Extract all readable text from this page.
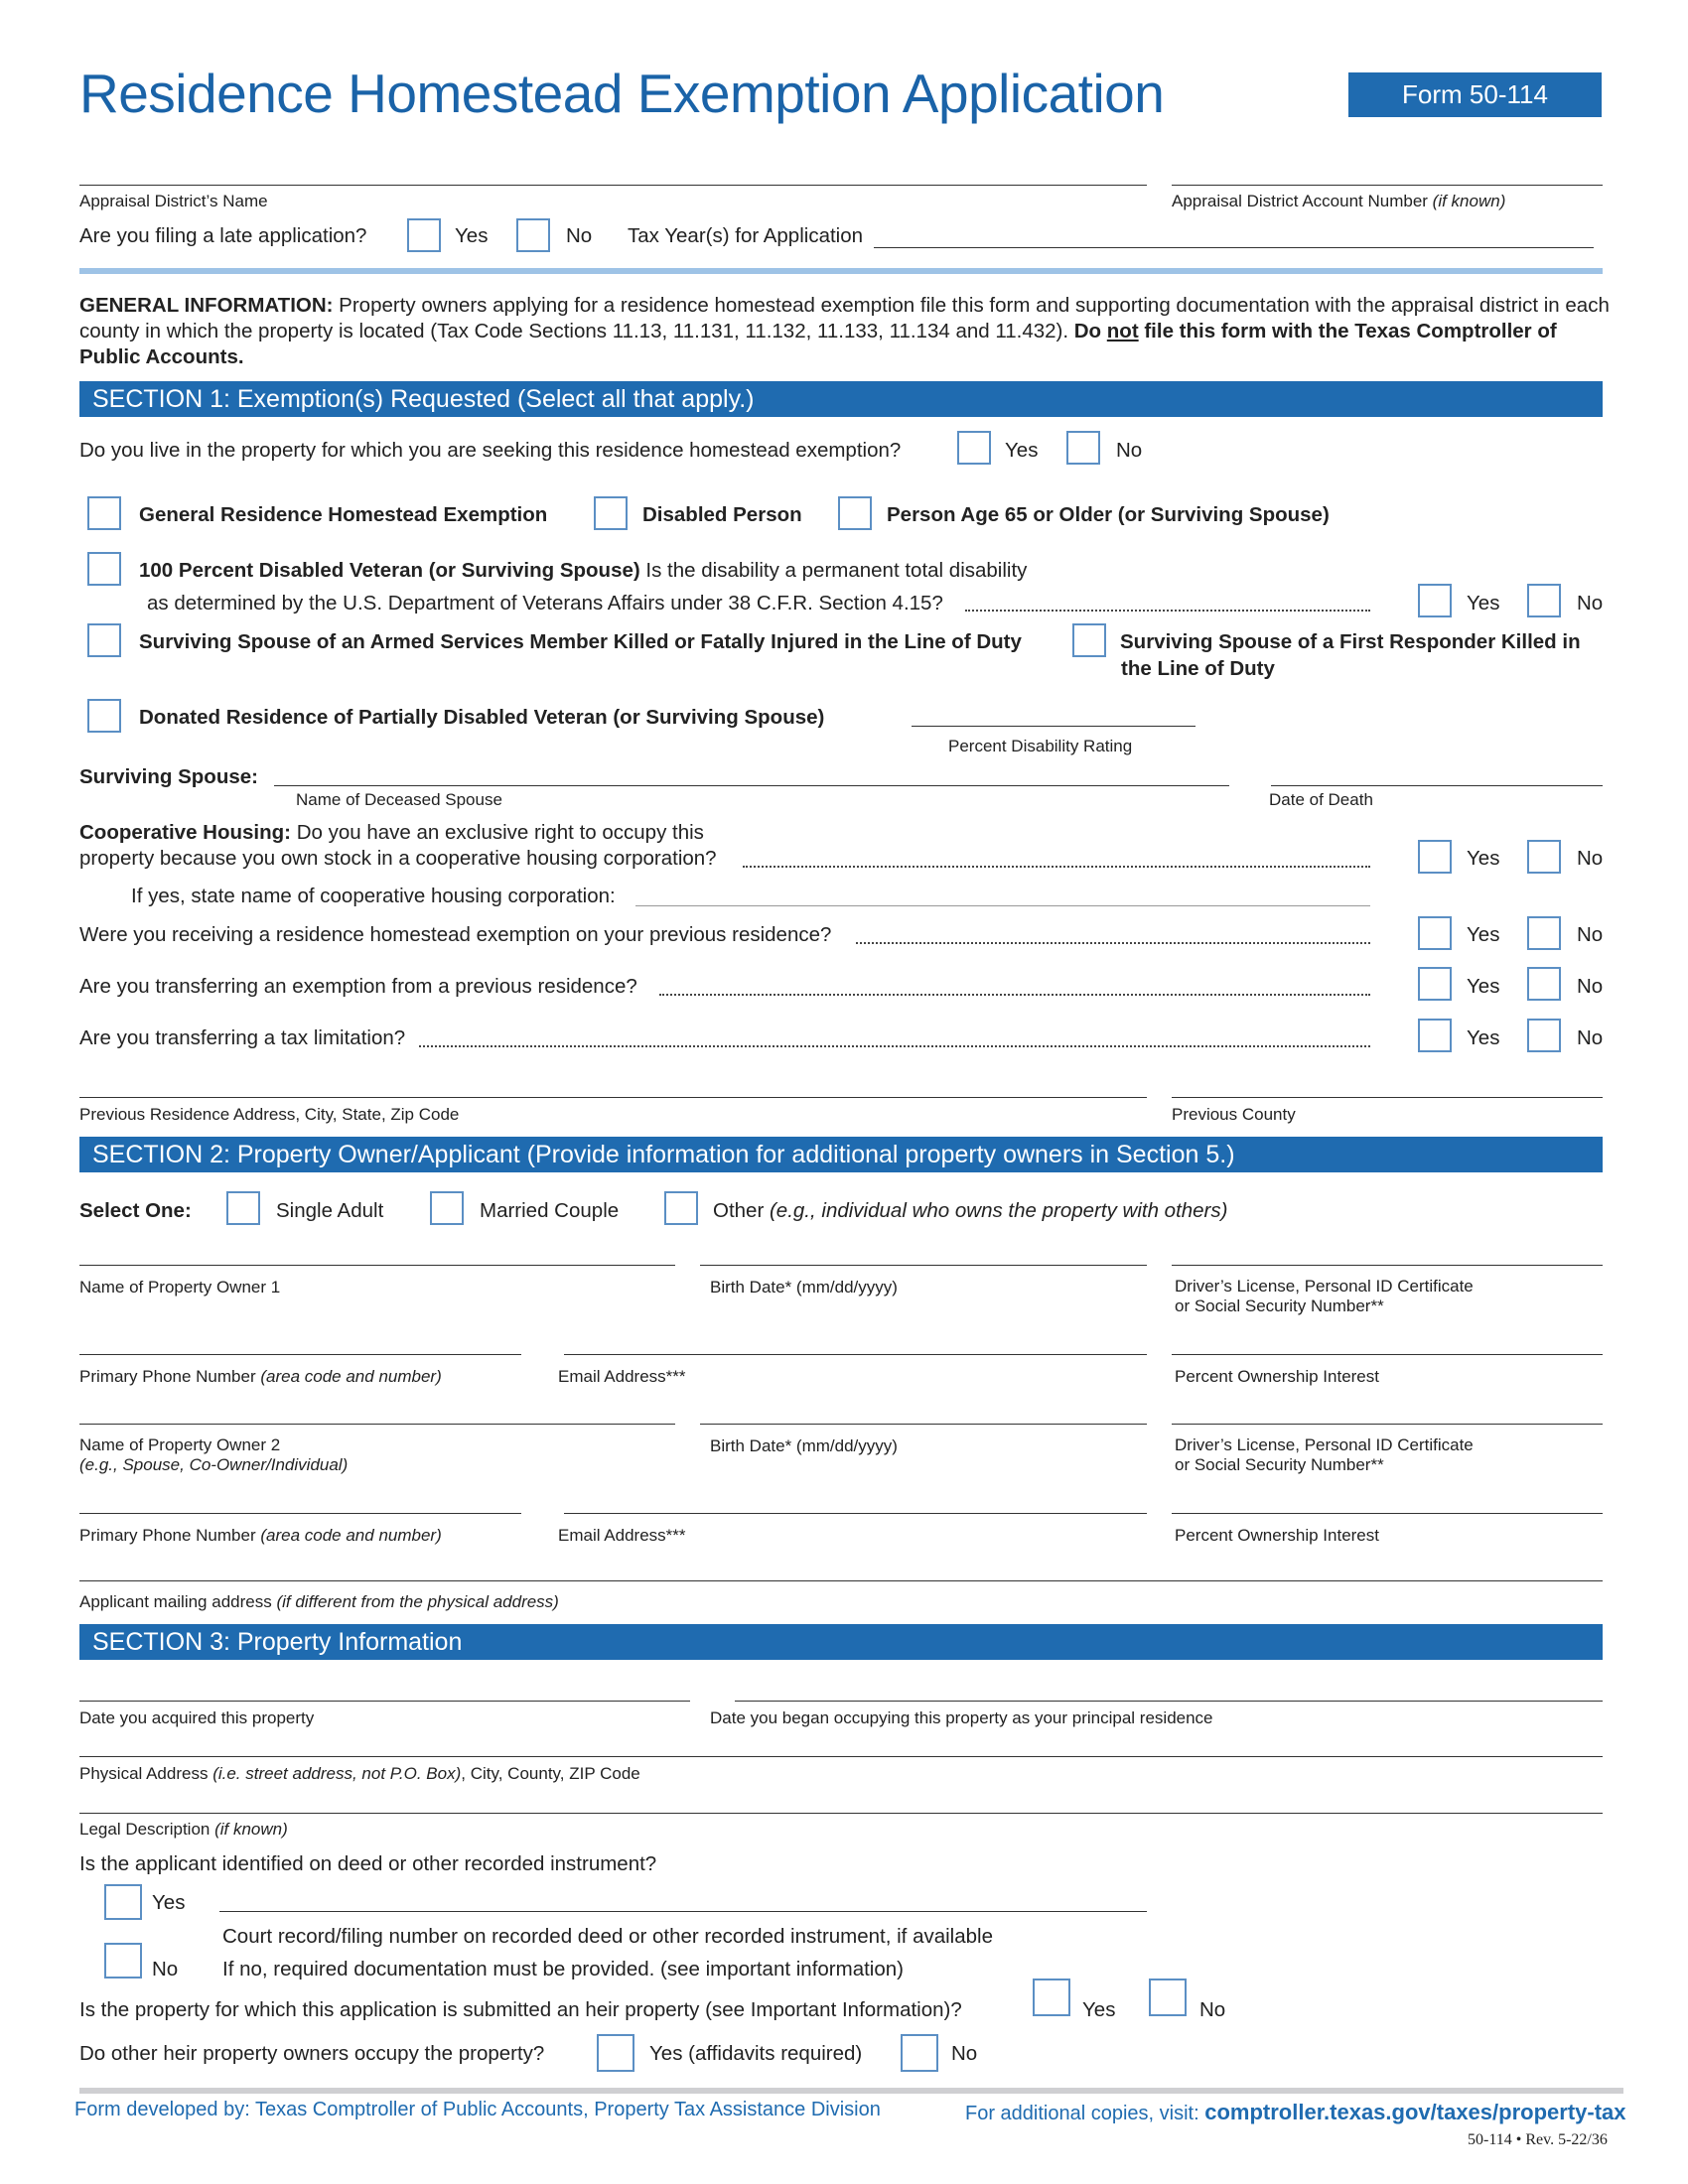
Residence Homestead Exemption Application	Form 50-114
Appraisal District’s Name	Appraisal District Account Number (if known)
Are you filing a late application?	Yes	No Tax Year(s) for Application
GENERAL INFORMATION: Property owners applying for a residence homestead exemption file this form and supporting documentation with the appraisal district in each county in which the property is located (Tax Code Sections 11.13, 11.131, 11.132, 11.133, 11.134 and 11.432). Do not file this form with the Texas Comptroller of Public Accounts.
SECTION 1: Exemption(s) Requested (Select all that apply.)
Do you live in the property for which you are seeking this residence homestead exemption?	Yes	No
General Residence Homestead Exemption	Disabled Person	Person Age 65 or Older (or Surviving Spouse)
100 Percent Disabled Veteran (or Surviving Spouse) Is the disability a permanent total disability
as determined by the U.S. Department of Veterans Affairs under 38 C.F.R. Section 4.15?	Yes	No
Surviving Spouse of an Armed Services Member Killed or Fatally Injured in the Line of Duty	Surviving Spouse of a First Responder Killed in
the Line of Duty
Donated Residence of Partially Disabled Veteran (or Surviving Spouse)
Percent Disability Rating
Surviving Spouse:
Name of Deceased Spouse	Date of Death
Cooperative Housing: Do you have an exclusive right to occupy this
property because you own stock in a cooperative housing corporation?	Yes	No
If yes, state name of cooperative housing corporation:
Were you receiving a residence homestead exemption on your previous residence?	Yes	No
Are you transferring an exemption from a previous residence?	Yes	No
Are you transferring a tax limitation?	Yes	No
Previous Residence Address, City, State, Zip Code	Previous County
SECTION 2: Property Owner/Applicant (Provide information for additional property owners in Section 5.)
Select One:	Single Adult	Married Couple	Other (e.g., individual who owns the property with others)
Name of Property Owner 1	Birth Date* (mm/dd/yyyy)	Driver’s License, Personal ID Certificate
or Social Security Number**
Primary Phone Number (area code and number)	Email Address***	Percent Ownership Interest
Name of Property Owner 2
(e.g., Spouse, Co-Owner/Individual)
Birth Date* (mm/dd/yyyy)	Driver’s License, Personal ID Certificate
or Social Security Number**
Primary Phone Number (area code and number)	Email Address***	Percent Ownership Interest
Applicant mailing address (if different from the physical address)
SECTION 3: Property Information
Date you acquired this property	Date you began occupying this property as your principal residence
Physical Address (i.e. street address, not P.O. Box), City, County, ZIP Code
Legal Description (if known)
Is the applicant identified on deed or other recorded instrument?
Yes
Court record/filing number on recorded deed or other recorded instrument, if available
No If no, required documentation must be provided. (see important information)
Is the property for which this application is submitted an heir property (see Important Information)?	Yes	No
Do other heir property owners occupy the property?	Yes (affidavits required)	No
Form developed by: Texas Comptroller of Public Accounts, Property Tax Assistance Division	For additional copies, visit: comptroller.texas.gov/taxes/property-tax
50-114 • Rev. 5-22/36
